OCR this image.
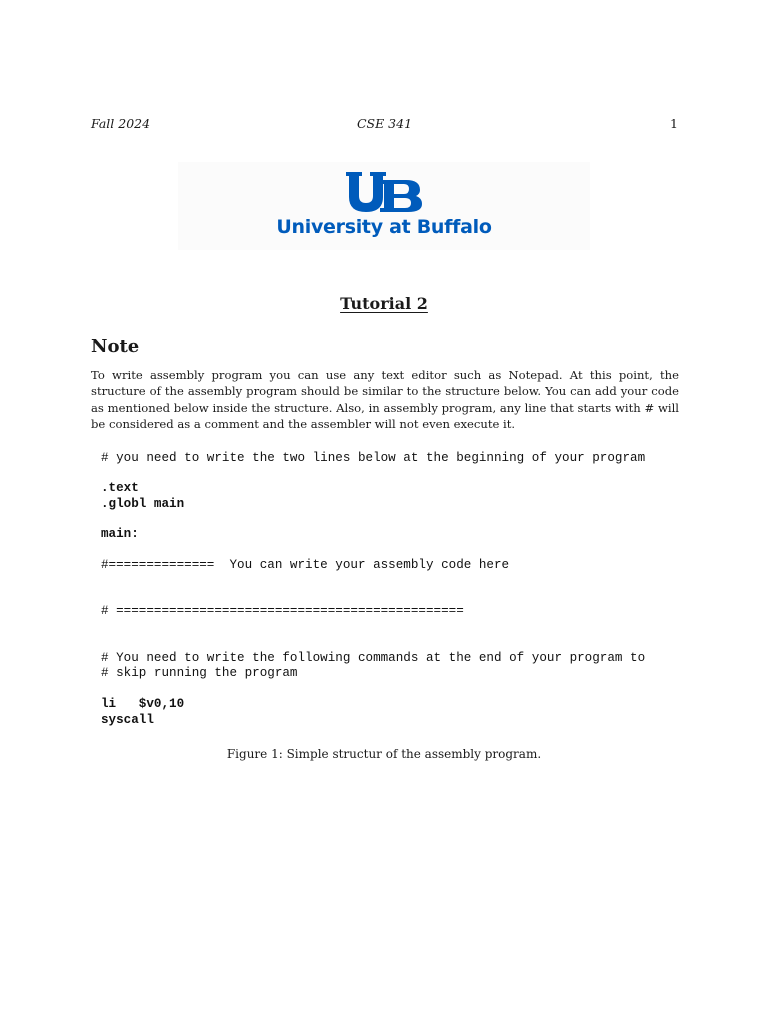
Fall 2024	CSE 341	1
University at Buffalo
Tutorial 2
Note
To write assembly program you can use any text editor such as Notepad. At this point, the structure of the assembly program should be similar to the structure below. You can add your code as mentioned below inside the structure. Also, in assembly program, any line that starts with # will be considered as a comment and the assembler will not even execute it.
# you need to write the two lines below at the beginning of your program
.text
.globl main
main:
#==============  You can write your assembly code here
# ==============================================
# You need to write the following commands at the end of your program to
# skip running the program
li   $v0,10
syscall
Figure 1: Simple structur of the assembly program.
